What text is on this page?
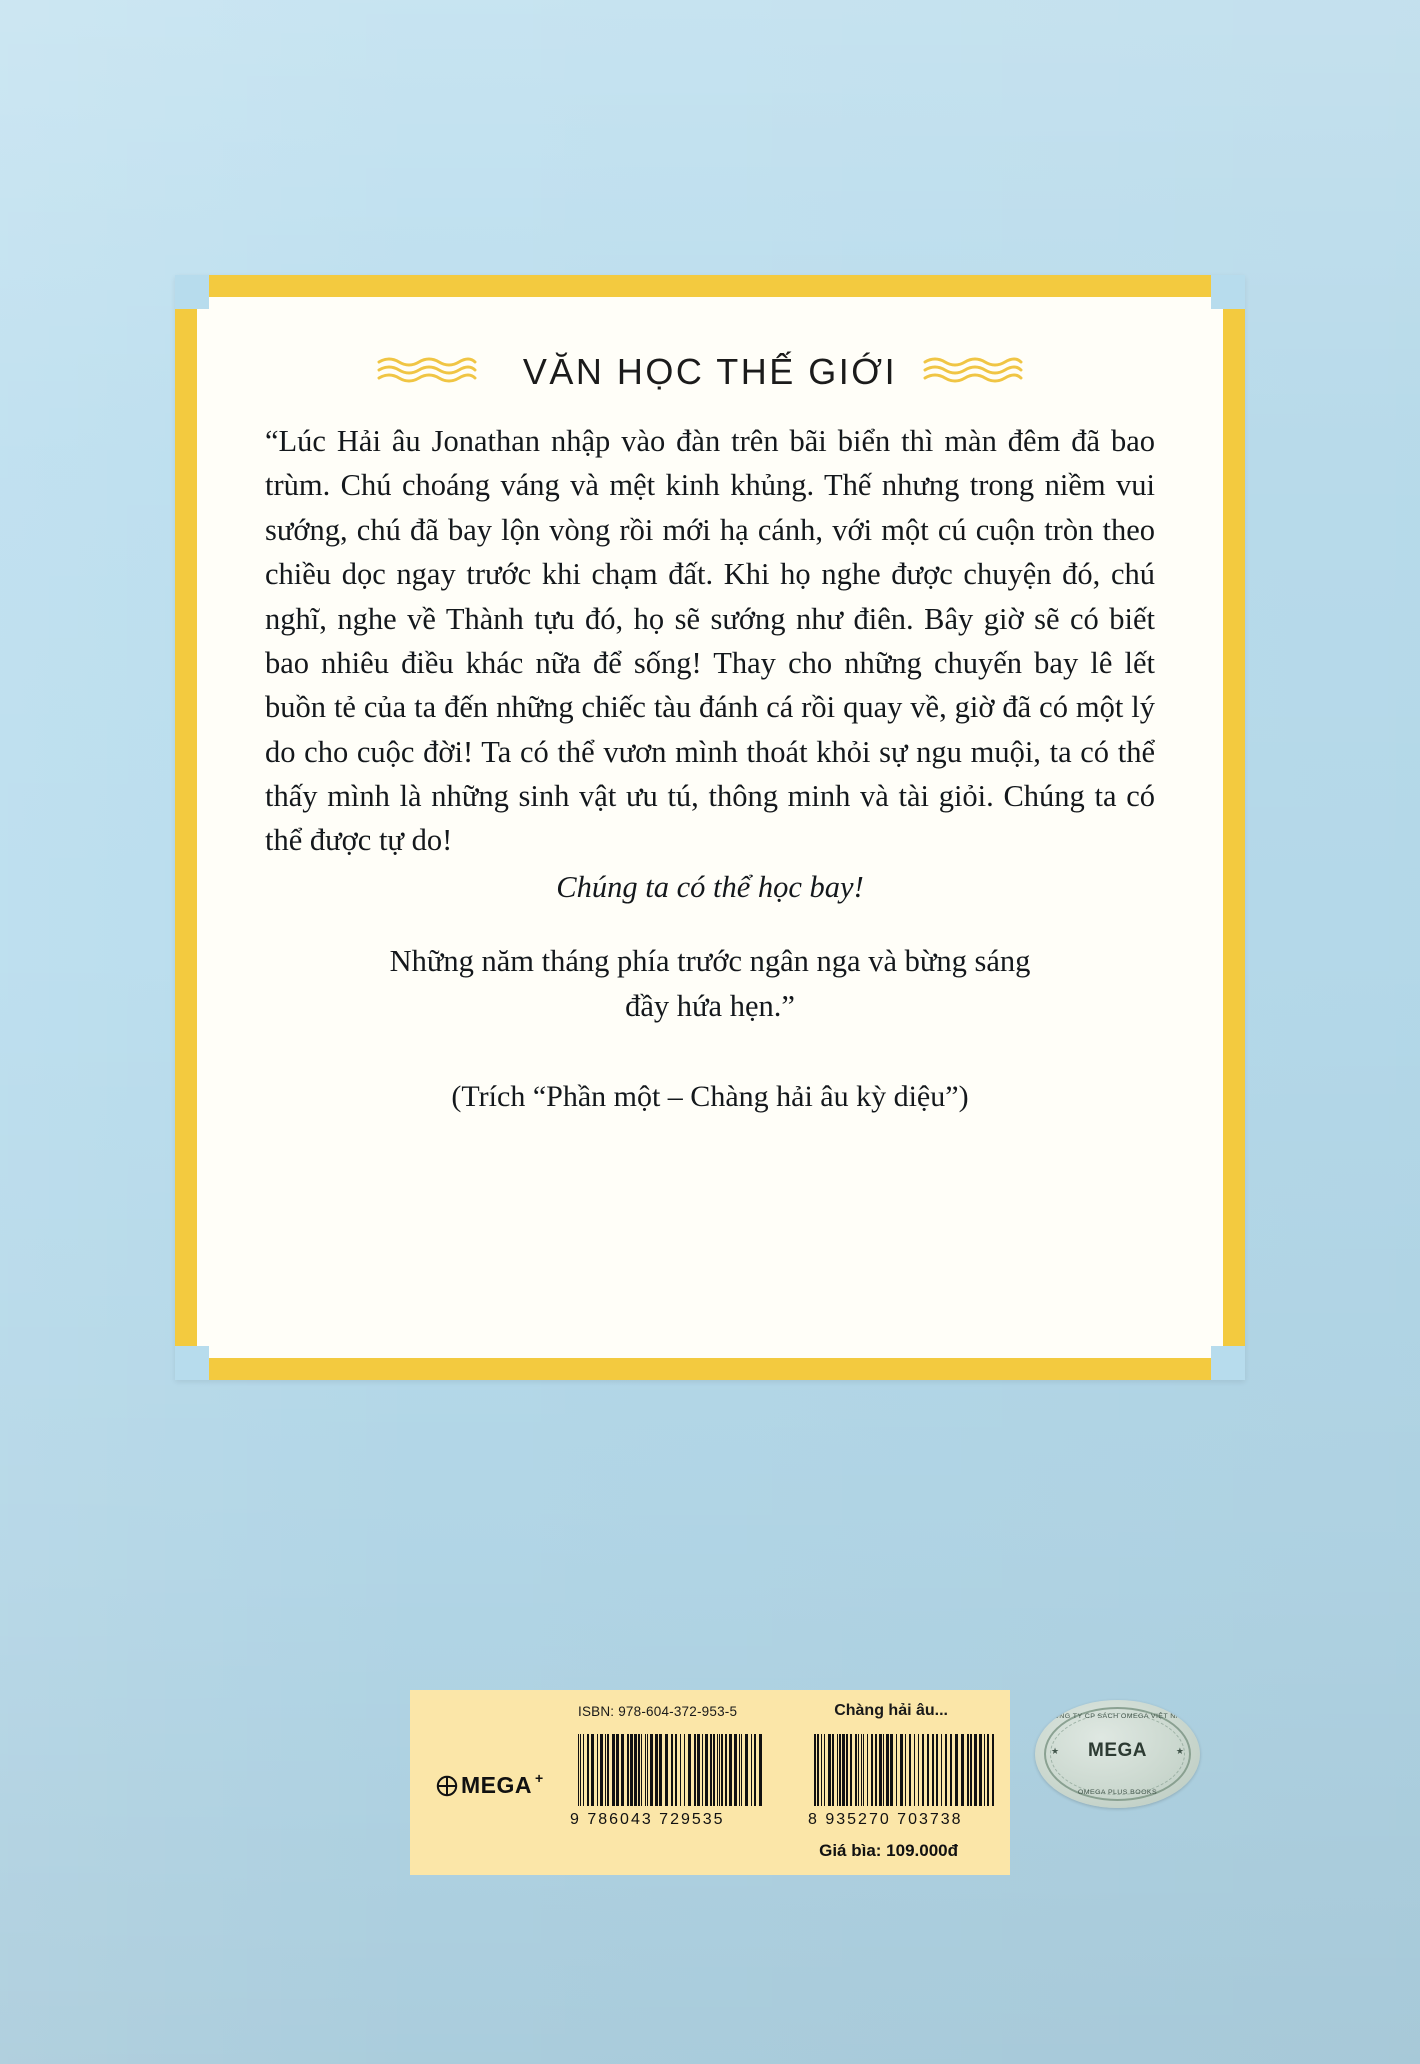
VĂN HỌC THẾ GIỚI
“Lúc Hải âu Jonathan nhập vào đàn trên bãi biển thì màn đêm đã bao trùm. Chú choáng váng và mệt kinh khủng. Thế nhưng trong niềm vui sướng, chú đã bay lộn vòng rồi mới hạ cánh, với một cú cuộn tròn theo chiều dọc ngay trước khi chạm đất. Khi họ nghe được chuyện đó, chú nghĩ, nghe về Thành tựu đó, họ sẽ sướng như điên. Bây giờ sẽ có biết bao nhiêu điều khác nữa để sống! Thay cho những chuyến bay lê lết buồn tẻ của ta đến những chiếc tàu đánh cá rồi quay về, giờ đã có một lý do cho cuộc đời! Ta có thể vươn mình thoát khỏi sự ngu muội, ta có thể thấy mình là những sinh vật ưu tú, thông minh và tài giỏi. Chúng ta có thể được tự do!
Chúng ta có thể học bay!
Những năm tháng phía trước ngân nga và bừng sáng
đầy hứa hẹn.”
(Trích “Phần một – Chàng hải âu kỳ diệu”)
ISBN: 978-604-372-953-5	Chàng hải âu...
MEGA +
9 786043 729535	8 935270 703738
Giá bìa: 109.000đ
CÔNG TY CP SÁCH OMEGA VIỆT NAM
MEGA
OMEGA PLUS BOOKS
★	★
